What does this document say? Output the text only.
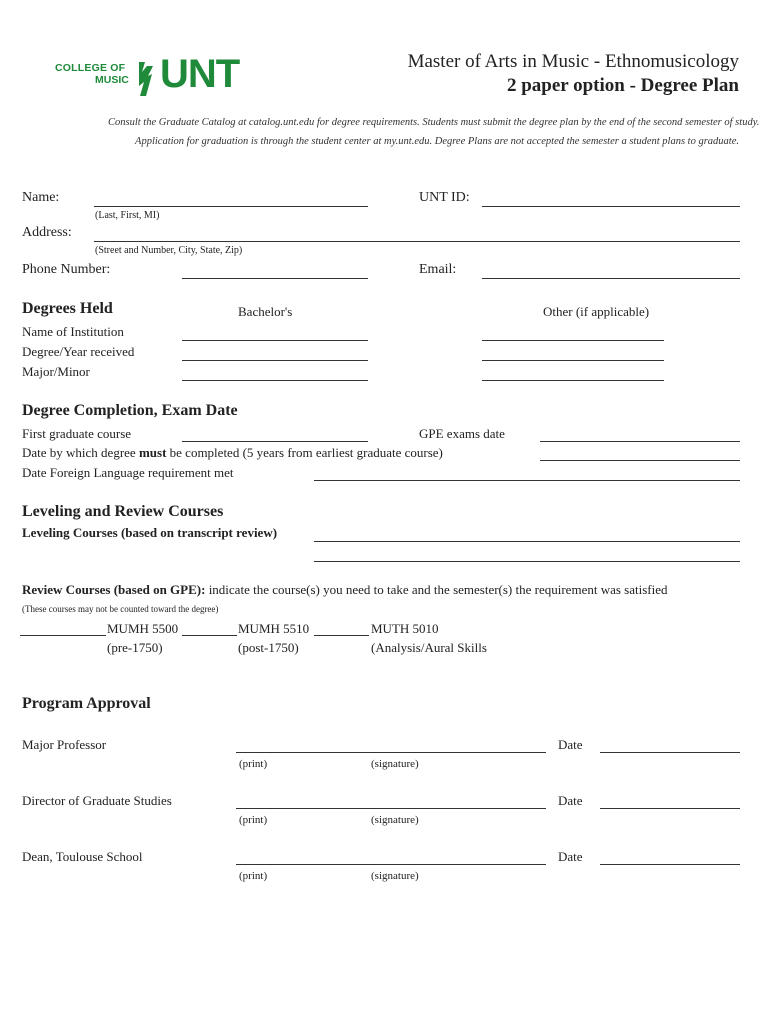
COLLEGE OF
MUSIC UNT	Master of Arts in Music - Ethnomusicology
2 paper option - Degree Plan
Consult the Graduate Catalog at catalog.unt.edu for degree requirements. Students must submit the degree plan by the end of the second semester of study.
Application for graduation is through the student center at my.unt.edu. Degree Plans are not accepted the semester a student plans to graduate.
Name:
(Last, First, MI)
UNT ID:
Address:
(Street and Number, City, State, Zip)
Phone Number:	Email:
Degrees Held	Bachelor's	Other (if applicable)
Name of Institution
Degree/Year received
Major/Minor
Degree Completion, Exam Date
First graduate course	GPE exams date
Date by which degree must be completed (5 years from earliest graduate course)
Date Foreign Language requirement met
Leveling and Review Courses
Leveling Courses (based on transcript review)
Review Courses (based on GPE): indicate the course(s) you need to take and the semester(s) the requirement was satisfied
(These courses may not be counted toward the degree)
MUMH 5500
(pre-1750)
MUMH 5510
(post-1750)
MUTH 5010
(Analysis/Aural Skills
Program Approval
Major Professor	Date
(print)	(signature)
Director of Graduate Studies	Date
(print)	(signature)
Dean, Toulouse School	Date
(print)	(signature)
